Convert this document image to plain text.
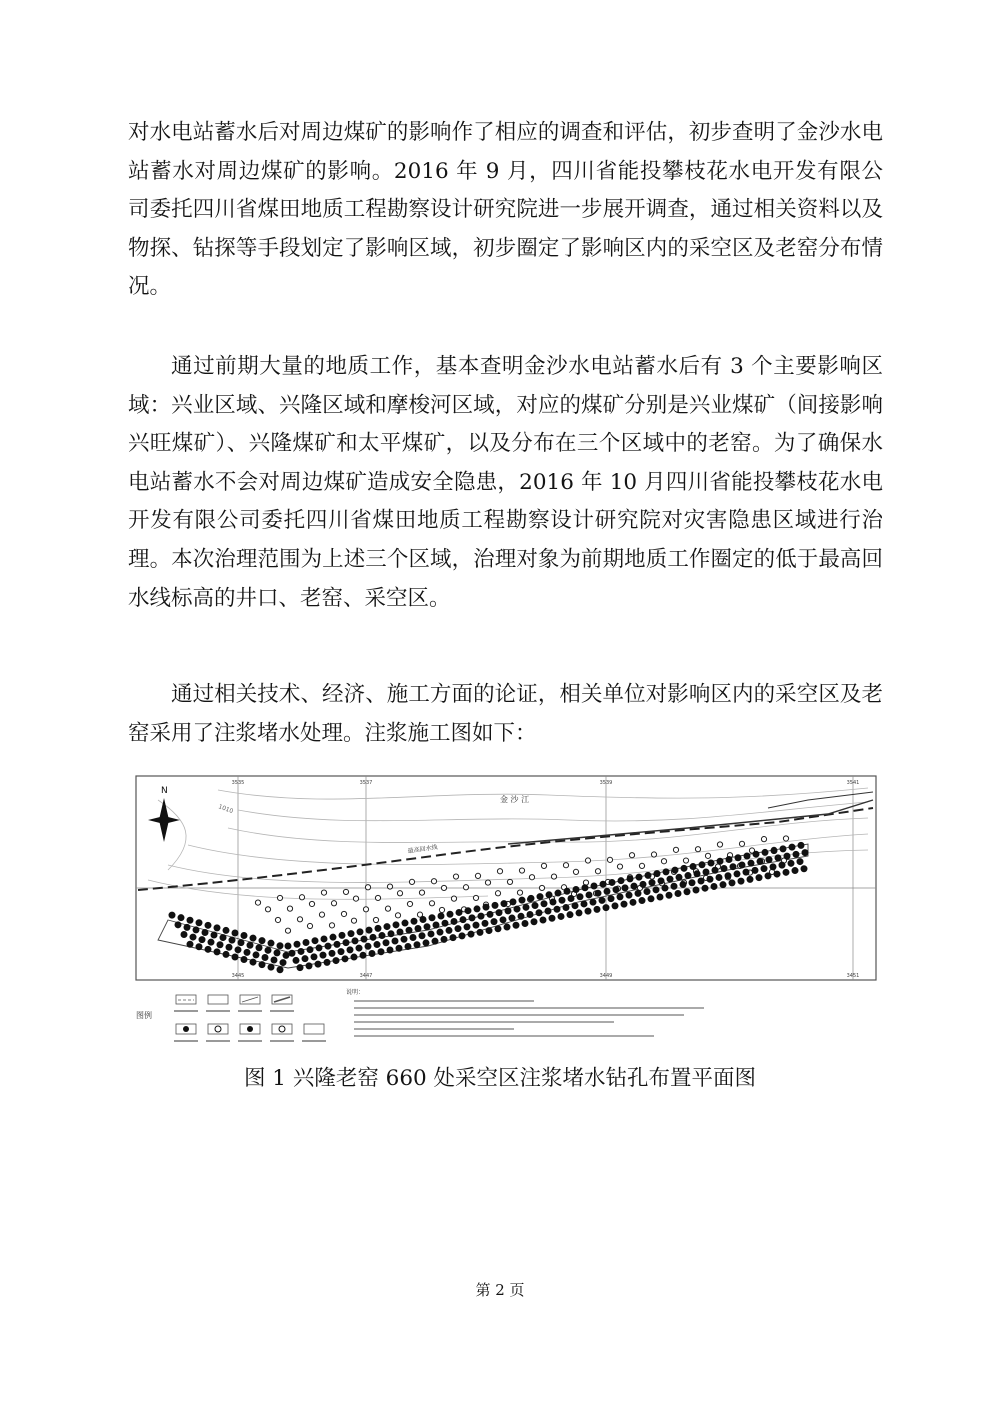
对水电站蓄水后对周边煤矿的影响作了相应的调查和评估，初步查明了金沙水电站蓄水对周边煤矿的影响。2016 年 9 月，四川省能投攀枝花水电开发有限公司委托四川省煤田地质工程勘察设计研究院进一步展开调查，通过相关资料以及物探、钻探等手段划定了影响区域，初步圈定了影响区内的采空区及老窑分布情况。

通过前期大量的地质工作，基本查明金沙水电站蓄水后有 3 个主要影响区域：兴业区域、兴隆区域和摩梭河区域，对应的煤矿分别是兴业煤矿（间接影响兴旺煤矿）、兴隆煤矿和太平煤矿，以及分布在三个区域中的老窑。为了确保水电站蓄水不会对周边煤矿造成安全隐患，2016 年 10 月四川省能投攀枝花水电开发有限公司委托四川省煤田地质工程勘察设计研究院对灾害隐患区域进行治理。本次治理范围为上述三个区域，治理对象为前期地质工作圈定的低于最高回水线标高的井口、老窑、采空区。

通过相关技术、经济、施工方面的论证，相关单位对影响区内的采空区及老窑采用了注浆堵水处理。注浆施工图如下：

N
金 沙 江
1010
最高回水线
3535	3537	3539	3541
3445	3447	3449	3451
图例
说明：
图 1 兴隆老窑 660 处采空区注浆堵水钻孔布置平面图
第 2 页
